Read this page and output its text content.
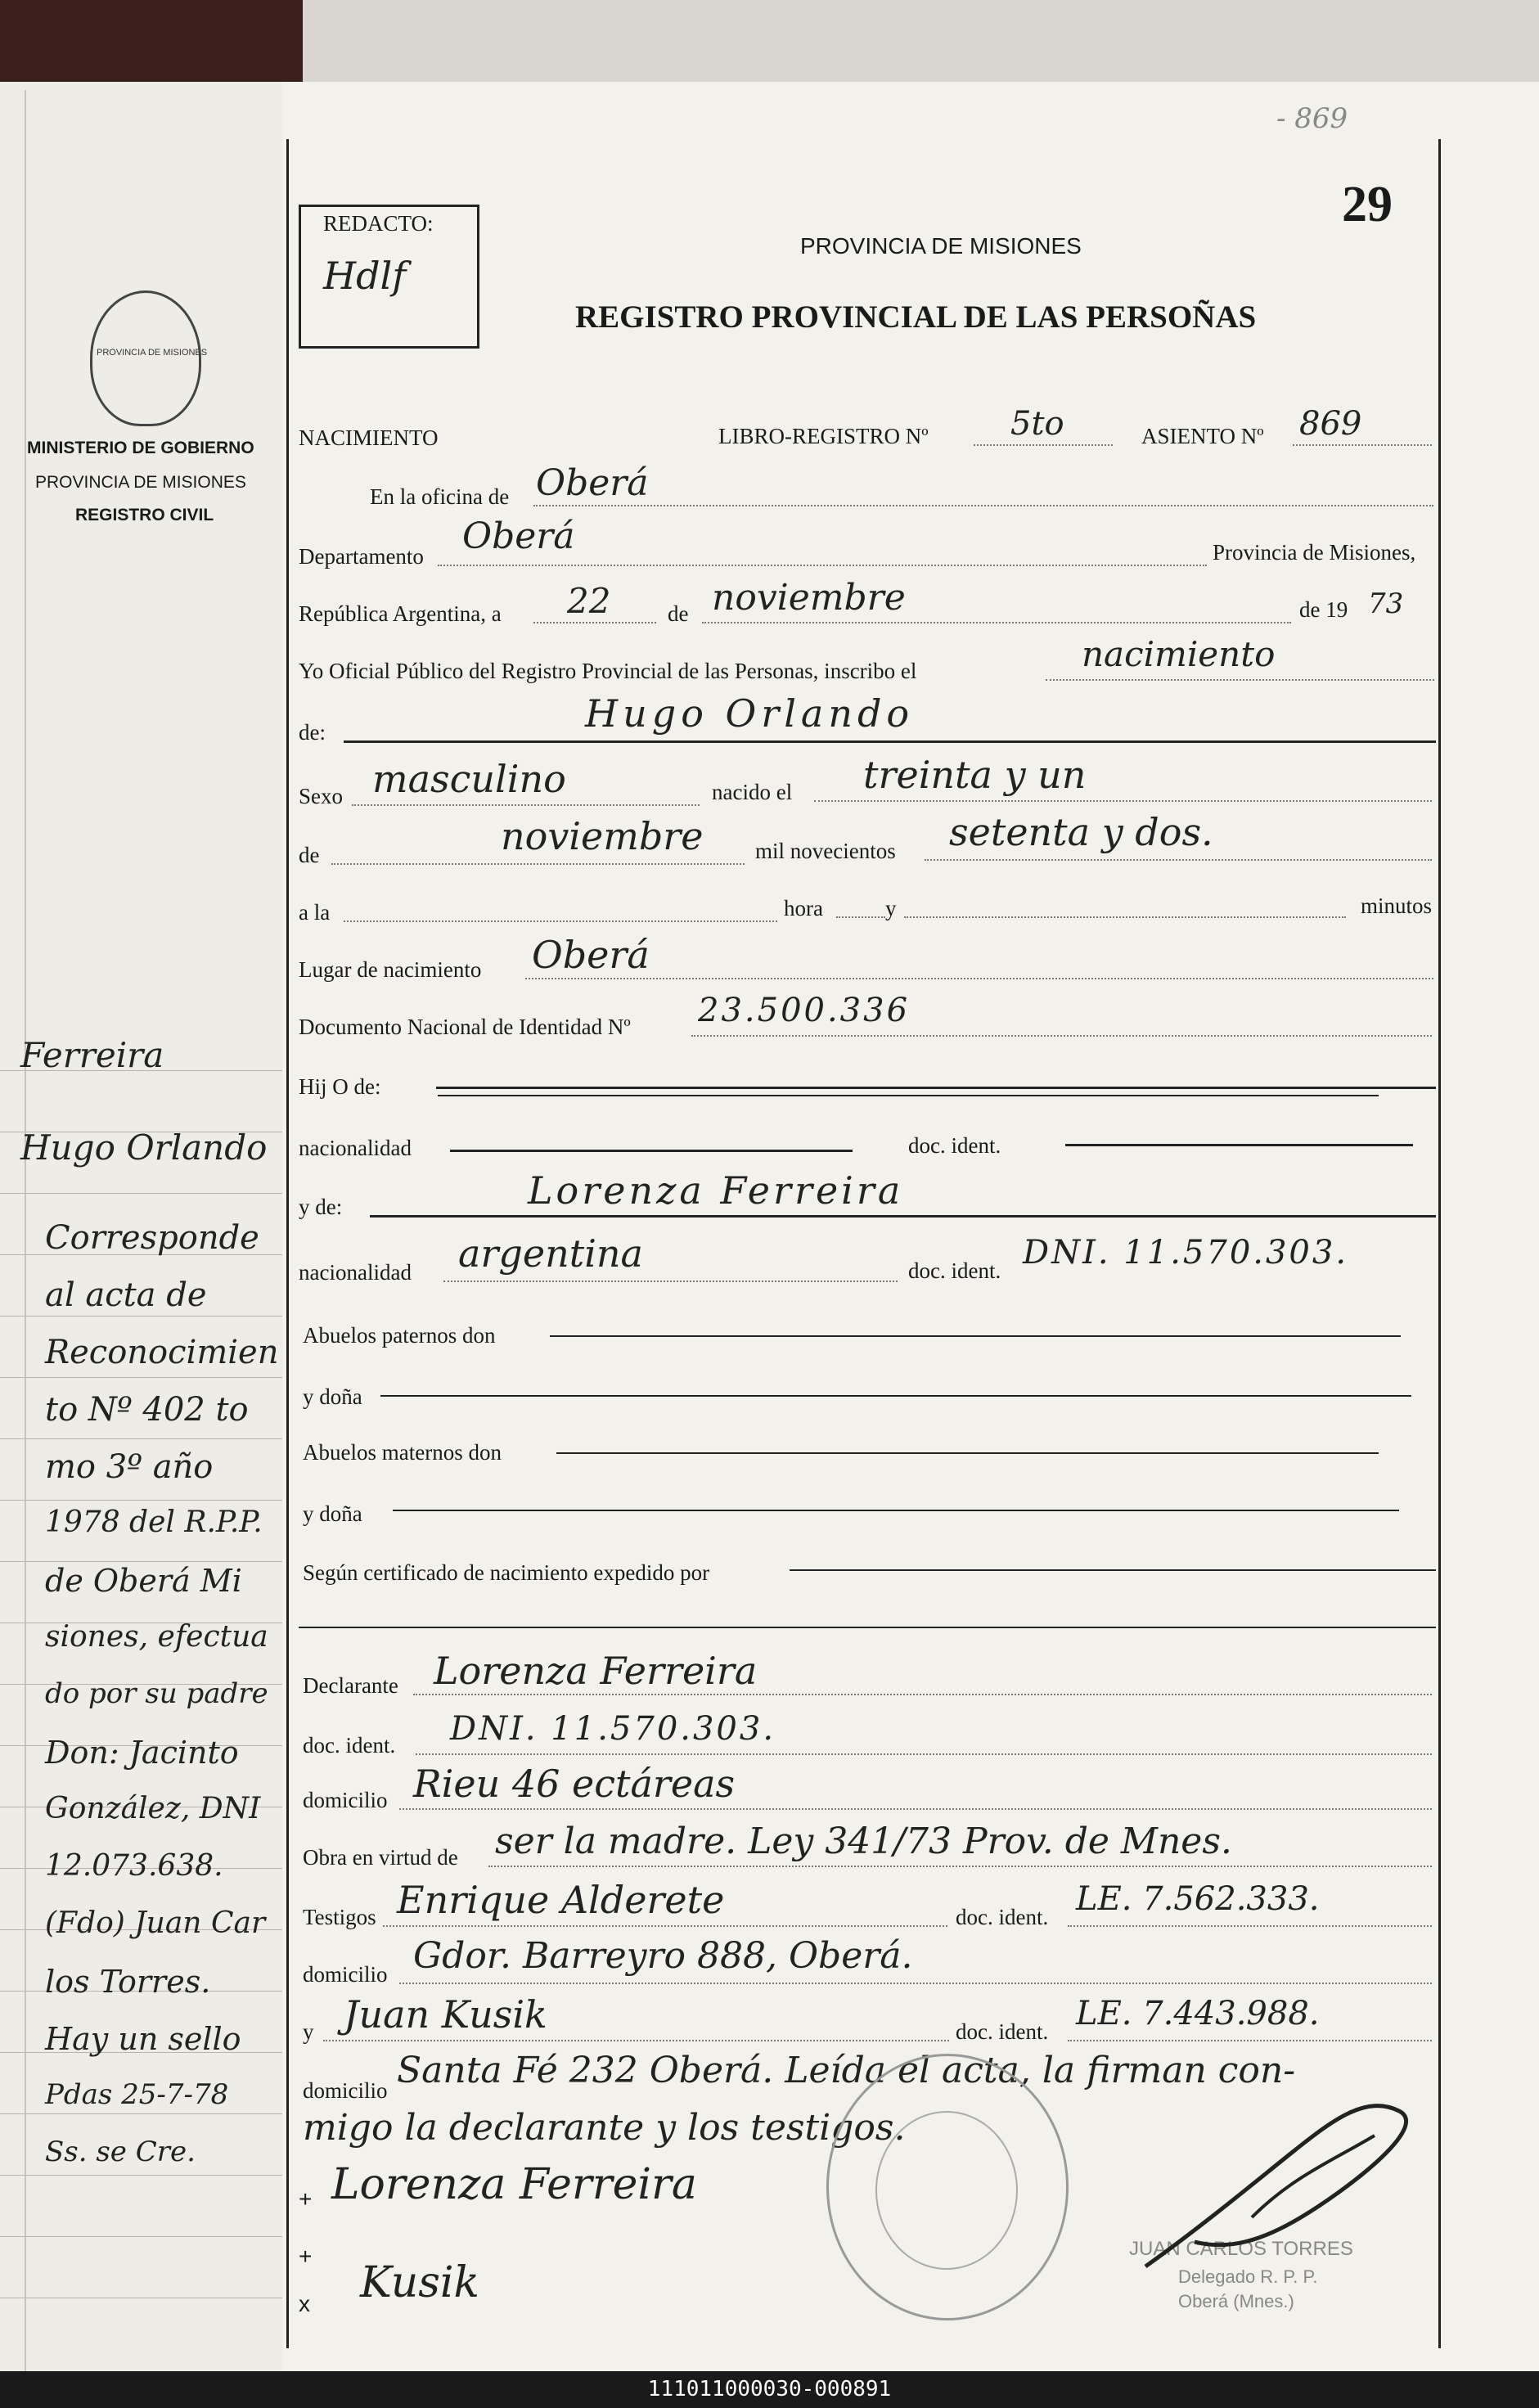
- 869
29
REDACTO:
Hdlf
PROVINCIA DE MISIONES
REGISTRO PROVINCIAL DE LAS PERSOÑAS
PROVINCIA DE MISIONES
MINISTERIO DE GOBIERNO
PROVINCIA DE MISIONES
REGISTRO CIVIL
Ferreira
Hugo Orlando
Corresponde
al acta de
Reconocimien
to Nº 402 to
mo 3º año
1978 del R.P.P.
de Oberá Mi
siones, efectua
do por su padre
Don: Jacinto
González, DNI
12.073.638.
(Fdo) Juan Car
los Torres.
Hay un sello
Pdas 25-7-78
Ss. se Cre.
NACIMIENTO	LIBRO-REGISTRO Nº	5to	ASIENTO Nº 869
En la oficina de Oberá
Departamento Oberá	Provincia de Misiones,
República Argentina, a 22	de noviembre	de 19 73
Yo Oficial Público del Registro Provincial de las Personas, inscribo el	nacimiento
de:	Hugo Orlando
Sexo masculino	nacido el treinta y un
de	noviembre mil novecientos setenta y dos.
a la	hora	y	minutos
Lugar de nacimiento Oberá
Documento Nacional de Identidad Nº 23.500.336
Hij O de:
nacionalidad	doc. ident.
y de:	Lorenza Ferreira
nacionalidad argentina	doc. ident. DNI. 11.570.303.
Abuelos paternos don
y doña
Abuelos maternos don
y doña
Según certificado de nacimiento expedido por
Declarante Lorenza Ferreira
doc. ident. DNI. 11.570.303.
domicilio Rieu 46 ectáreas
Obra en virtud de ser la madre. Ley 341/73 Prov. de Mnes.
Testigos Enrique Alderete	doc. ident. LE. 7.562.333.
domicilio Gdor. Barreyro 888, Oberá.
y Juan Kusik	doc. ident. LE. 7.443.988.
domicilio Santa Fé 232 Oberá. Leída el acta, la firman con-
migo la declarante y los testigos.
+ Lorenza Ferreira
+
x Kusik
JUAN CARLOS TORRES
Delegado R. P. P.
Oberá (Mnes.)
111011000030-000891
